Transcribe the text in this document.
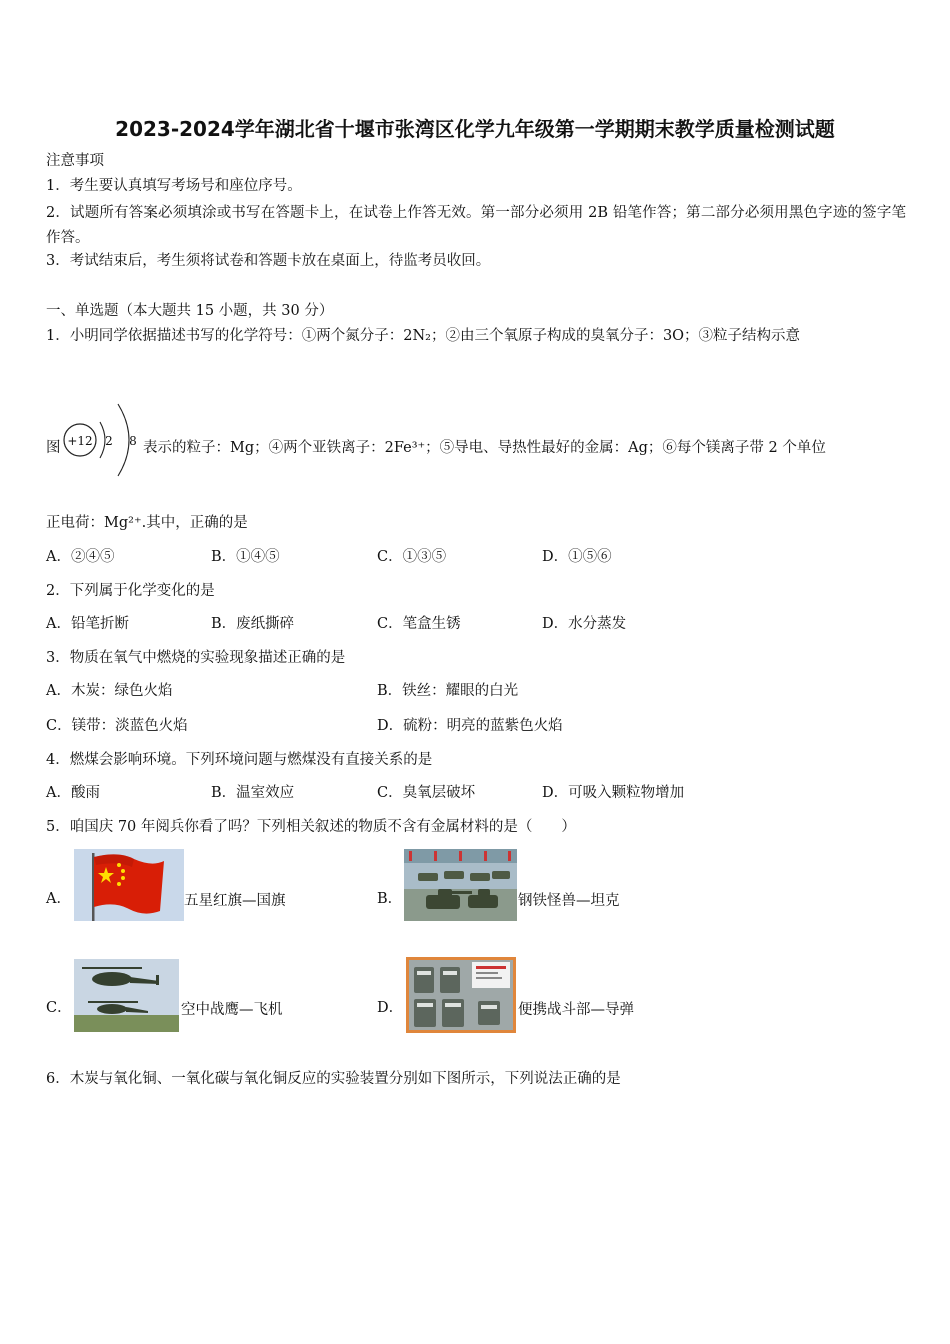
2023-2024学年湖北省十堰市张湾区化学九年级第一学期期末教学质量检测试题
注意事项
1．考生要认真填写考场号和座位序号。
2．试题所有答案必须填涂或书写在答题卡上，在试卷上作答无效。第一部分必须用 2B 铅笔作答；第二部分必须用黑色字迹的签字笔作答。
3．考试结束后，考生须将试卷和答题卡放在桌面上，待监考员收回。
一、单选题（本大题共 15 小题，共 30 分）
1．小明同学依据描述书写的化学符号：①两个氮分子：2N₂；②由三个氧原子构成的臭氧分子：3O；③粒子结构示意
图 +12 2 8 表示的粒子：Mg；④两个亚铁离子：2Fe³⁺；⑤导电、导热性最好的金属：Ag；⑥每个镁离子带 2 个单位
正电荷：Mg²⁺.其中，正确的是
A．②④⑤	B．①④⑤	C．①③⑤	D．①⑤⑥
2．下列属于化学变化的是
A．铅笔折断	B．废纸撕碎	C．笔盒生锈	D．水分蒸发
3．物质在氧气中燃烧的实验现象描述正确的是
A．木炭：绿色火焰	B．铁丝：耀眼的白光
C．镁带：淡蓝色火焰	D．硫粉：明亮的蓝紫色火焰
4．燃煤会影响环境。下列环境问题与燃煤没有直接关系的是
A．酸雨	B．温室效应	C．臭氧层破坏	D．可吸入颗粒物增加
5．咱国庆 70 年阅兵你看了吗？下列相关叙述的物质不含有金属材料的是（　　）
A．	五星红旗—国旗	B．	钢铁怪兽—坦克
C．	空中战鹰—飞机	D．	便携战斗部—导弹
6．木炭与氧化铜、一氧化碳与氧化铜反应的实验装置分别如下图所示，下列说法正确的是
